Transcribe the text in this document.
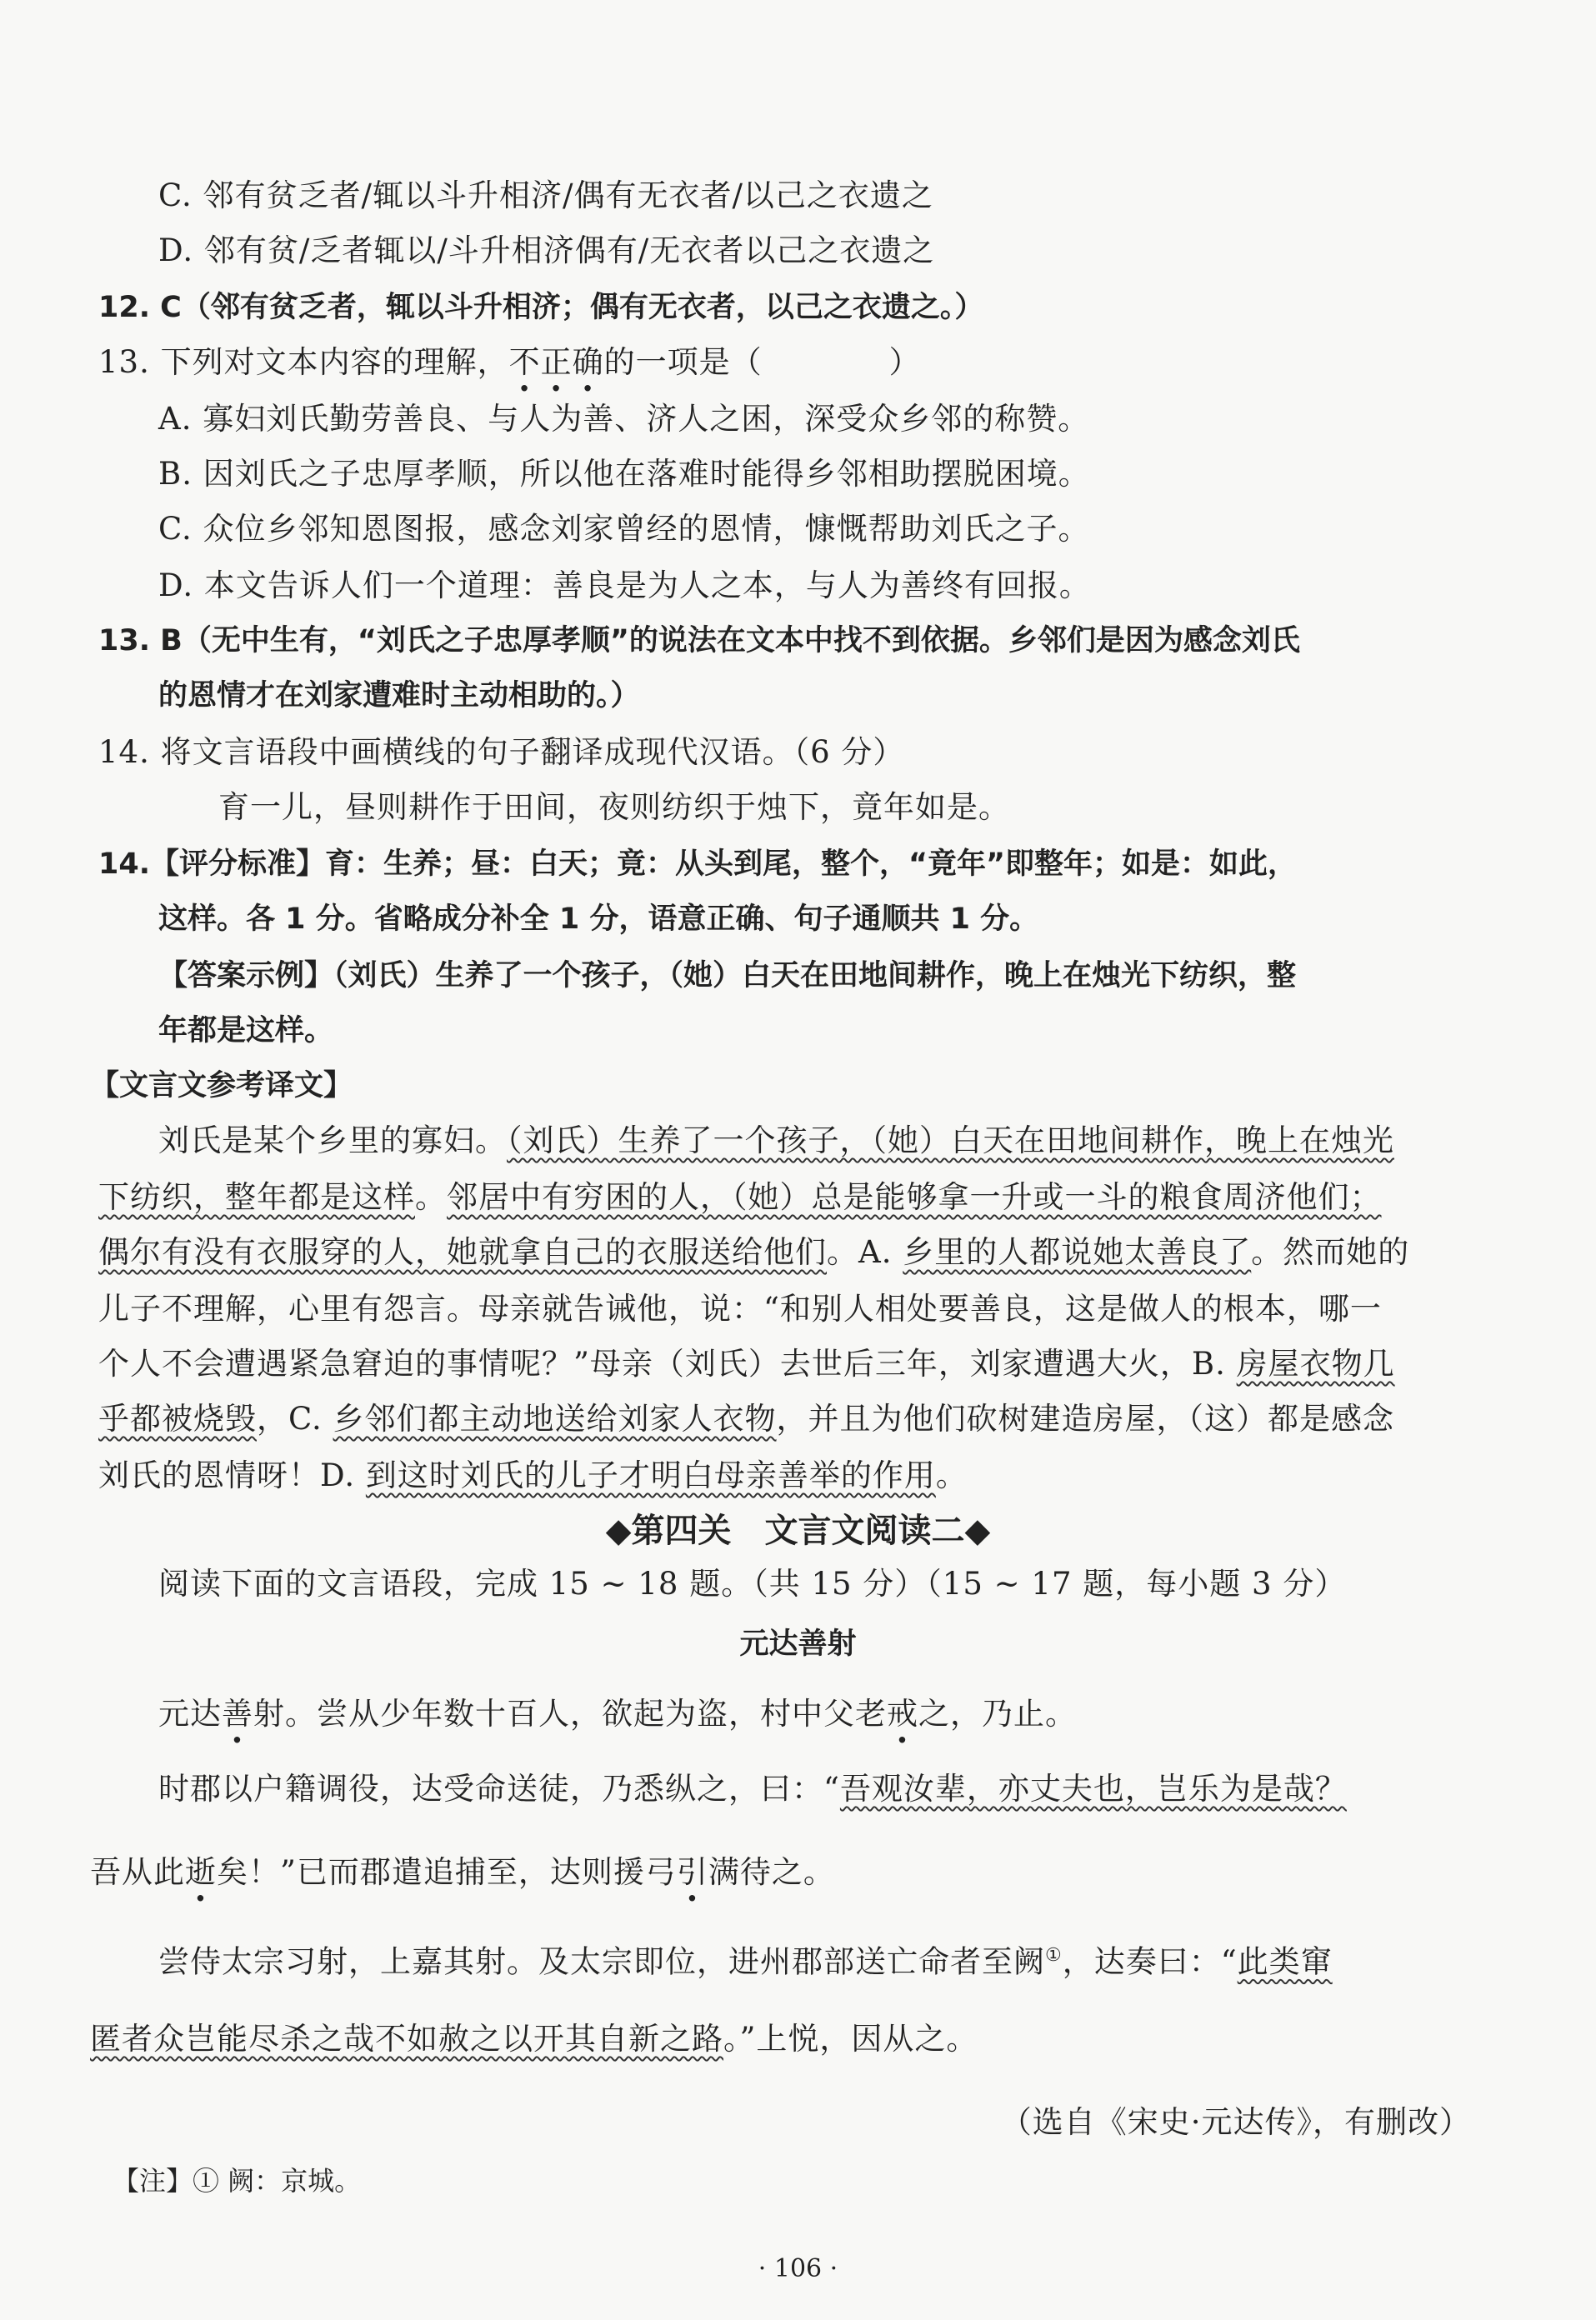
C. 邻有贫乏者/辄以斗升相济/偶有无衣者/以己之衣遗之
D. 邻有贫/乏者辄以/斗升相济偶有/无衣者以己之衣遗之
12. C（邻有贫乏者，辄以斗升相济；偶有无衣者，以己之衣遗之。）
13. 下列对文本内容的理解，不正确的一项是（　　　　）
A. 寡妇刘氏勤劳善良、与人为善、济人之困，深受众乡邻的称赞。
B. 因刘氏之子忠厚孝顺，所以他在落难时能得乡邻相助摆脱困境。
C. 众位乡邻知恩图报，感念刘家曾经的恩情，慷慨帮助刘氏之子。
D. 本文告诉人们一个道理：善良是为人之本，与人为善终有回报。
13. B（无中生有，“刘氏之子忠厚孝顺”的说法在文本中找不到依据。乡邻们是因为感念刘氏
的恩情才在刘家遭难时主动相助的。）
14. 将文言语段中画横线的句子翻译成现代汉语。（6 分）
育一儿，昼则耕作于田间，夜则纺织于烛下，竟年如是。
14.【评分标准】育：生养；昼：白天；竟：从头到尾，整个，“竟年”即整年；如是：如此，
这样。各 1 分。省略成分补全 1 分，语意正确、句子通顺共 1 分。
【答案示例】（刘氏）生养了一个孩子，（她）白天在田地间耕作，晚上在烛光下纺织，整
年都是这样。
【文言文参考译文】
刘氏是某个乡里的寡妇。（刘氏）生养了一个孩子，（她）白天在田地间耕作，晚上在烛光
下纺织，整年都是这样。邻居中有穷困的人，（她）总是能够拿一升或一斗的粮食周济他们；
偶尔有没有衣服穿的人，她就拿自己的衣服送给他们。A. 乡里的人都说她太善良了。然而她的
儿子不理解，心里有怨言。母亲就告诫他，说：“和别人相处要善良，这是做人的根本，哪一
个人不会遭遇紧急窘迫的事情呢？”母亲（刘氏）去世后三年，刘家遭遇大火，B. 房屋衣物几
乎都被烧毁，C. 乡邻们都主动地送给刘家人衣物，并且为他们砍树建造房屋，（这）都是感念
刘氏的恩情呀！D. 到这时刘氏的儿子才明白母亲善举的作用。
◆第四关　文言文阅读二◆
阅读下面的文言语段，完成 15 ~ 18 题。（共 15 分）（15 ~ 17 题，每小题 3 分）
元达善射
元达善射。尝从少年数十百人，欲起为盗，村中父老戒之，乃止。
时郡以户籍调役，达受命送徒，乃悉纵之，曰：“吾观汝辈，亦丈夫也，岂乐为是哉？
吾从此逝矣！”已而郡遣追捕至，达则援弓引满待之。
尝侍太宗习射，上嘉其射。及太宗即位，进州郡部送亡命者至阙①，达奏曰：“此类窜
匿者众岂能尽杀之哉不如赦之以开其自新之路。”上悦，因从之。
（选自《宋史·元达传》，有删改）
【注】① 阙：京城。
· 106 ·
